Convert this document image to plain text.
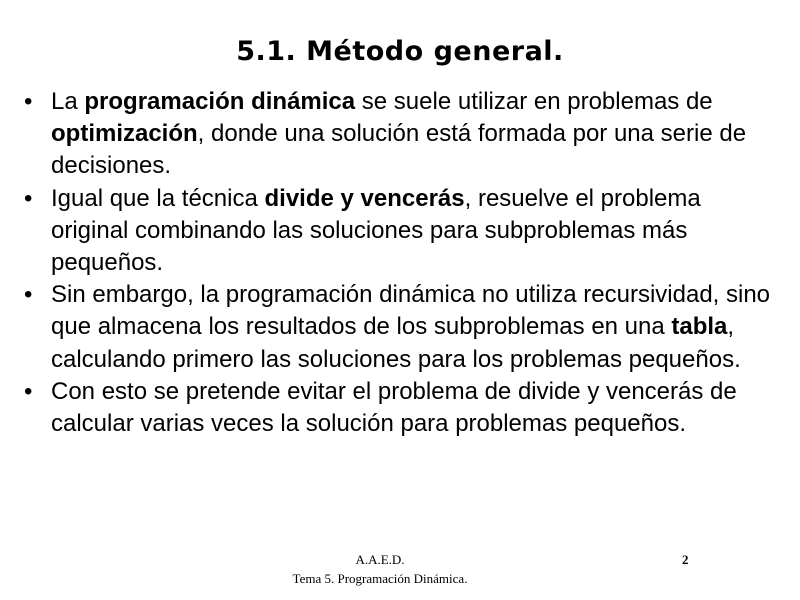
5.1. Método general.
• La programación dinámica se suele utilizar en problemas de optimización, donde una solución está formada por una serie de decisiones.
• Igual que la técnica divide y vencerás, resuelve el problema original combinando las soluciones para subproblemas más pequeños.
• Sin embargo, la programación dinámica no utiliza recursividad, sino que almacena los resultados de los subproblemas en una tabla, calculando primero las soluciones para los problemas pequeños.
• Con esto se pretende evitar el problema de divide y vencerás de calcular varias veces la solución para problemas pequeños.
A.A.E.D.
Tema 5. Programación Dinámica.
2
